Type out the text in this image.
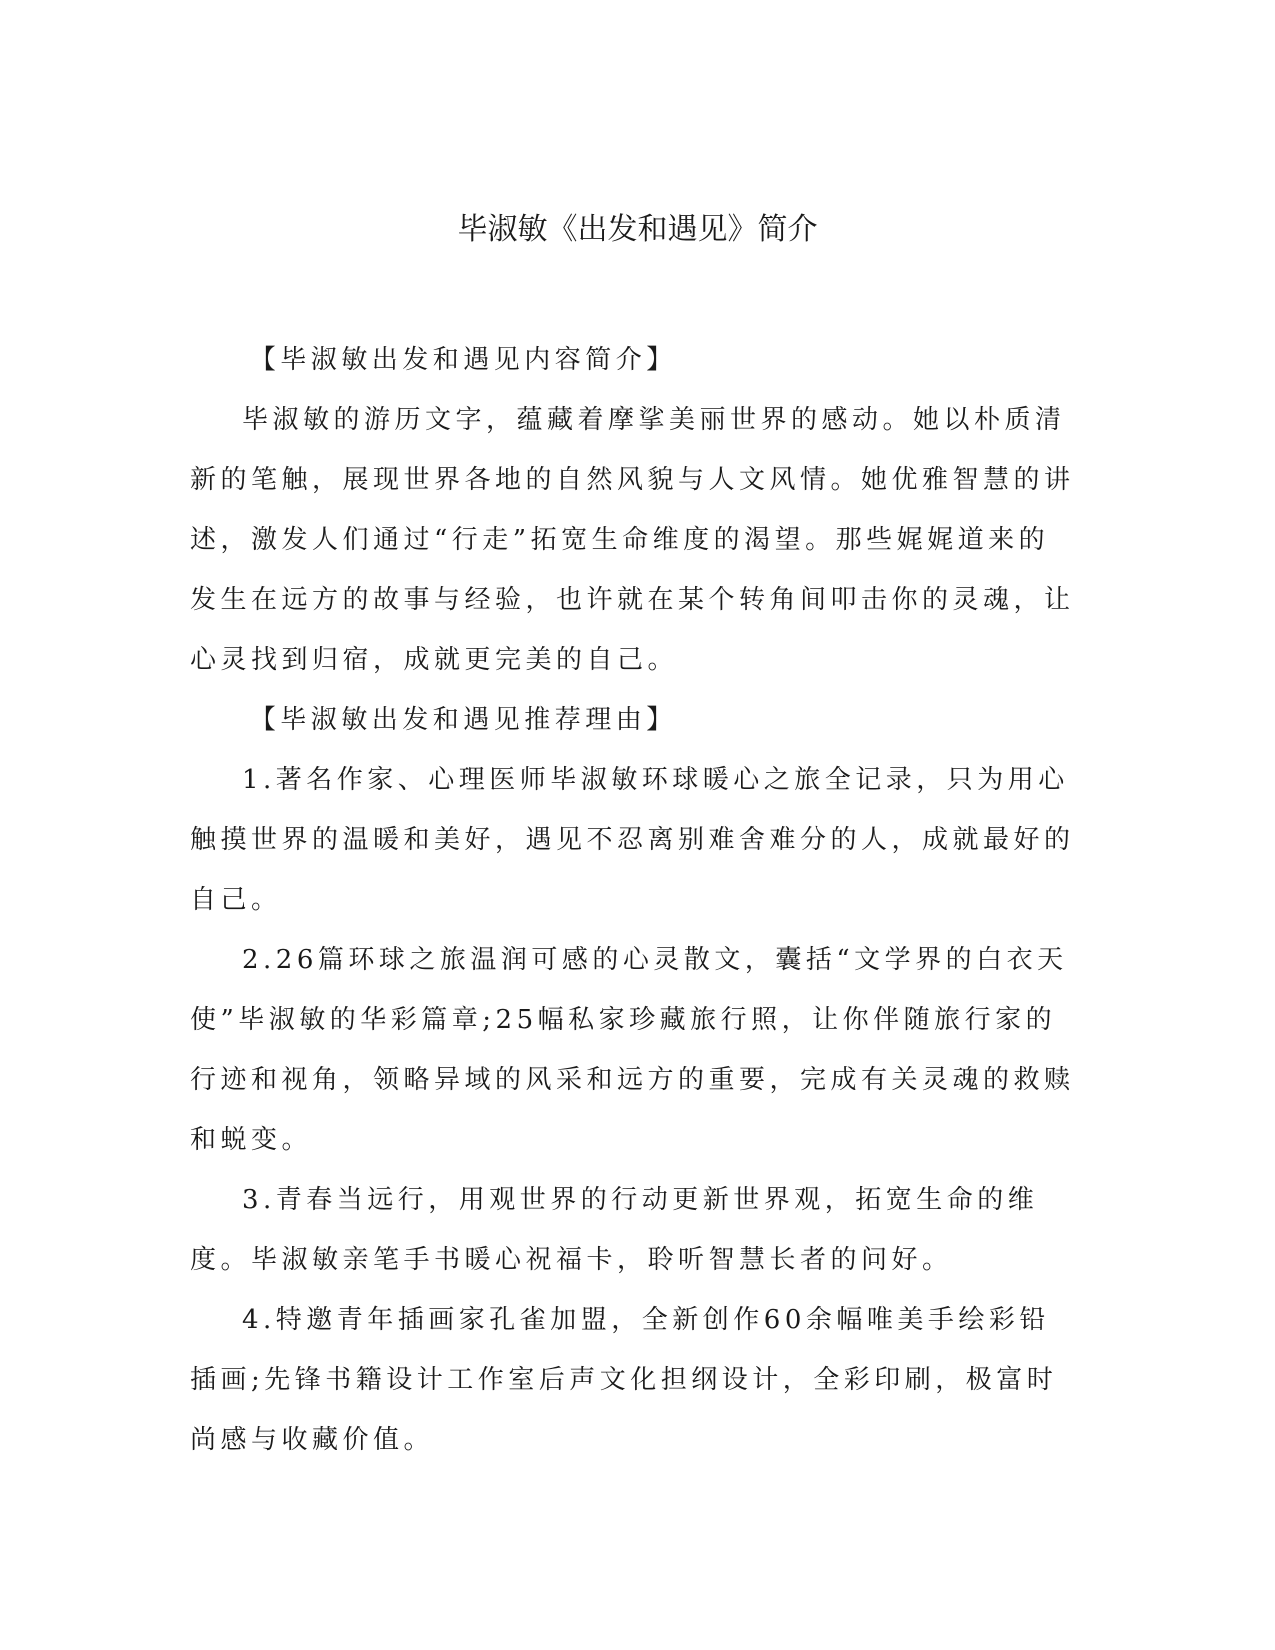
毕淑敏《出发和遇见》简介

【毕淑敏出发和遇见内容简介】

毕淑敏的游历文字，蕴藏着摩挲美丽世界的感动。她以朴质清新的笔触，展现世界各地的自然风貌与人文风情。她优雅智慧的讲述，激发人们通过“行走”拓宽生命维度的渴望。那些娓娓道来的发生在远方的故事与经验，也许就在某个转角间叩击你的灵魂，让心灵找到归宿，成就更完美的自己。

【毕淑敏出发和遇见推荐理由】

1.著名作家、心理医师毕淑敏环球暖心之旅全记录，只为用心触摸世界的温暖和美好，遇见不忍离别难舍难分的人，成就最好的自己。

2.26篇环球之旅温润可感的心灵散文，囊括“文学界的白衣天使”毕淑敏的华彩篇章;25幅私家珍藏旅行照，让你伴随旅行家的行迹和视角，领略异域的风采和远方的重要，完成有关灵魂的救赎和蜕变。

3.青春当远行，用观世界的行动更新世界观，拓宽生命的维度。毕淑敏亲笔手书暖心祝福卡，聆听智慧长者的问好。

4.特邀青年插画家孔雀加盟，全新创作60余幅唯美手绘彩铅插画;先锋书籍设计工作室后声文化担纲设计，全彩印刷，极富时尚感与收藏价值。
